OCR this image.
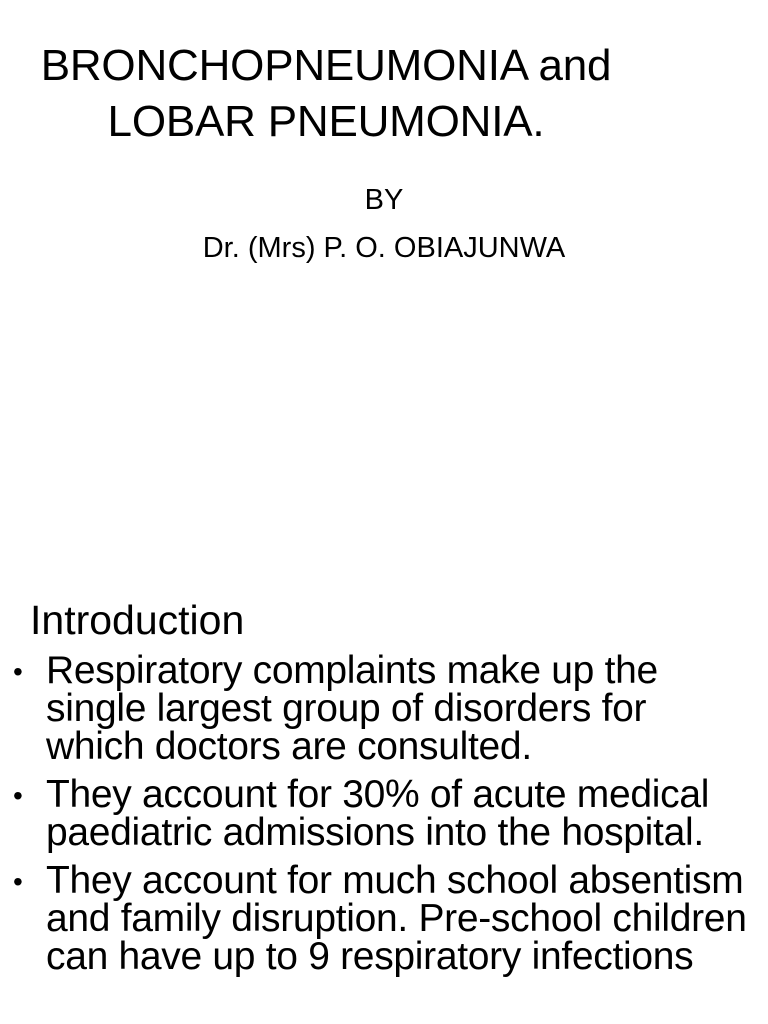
BRONCHOPNEUMONIA and
LOBAR PNEUMONIA.

BY

Dr. (Mrs) P. O. OBIAJUNWA

Introduction
• Respiratory complaints make up the single largest group of disorders for which doctors are consulted.
• They account for 30% of acute medical paediatric admissions into the hospital.
• They account for much school absentism and family disruption. Pre-school children can have up to 9 respiratory infections
